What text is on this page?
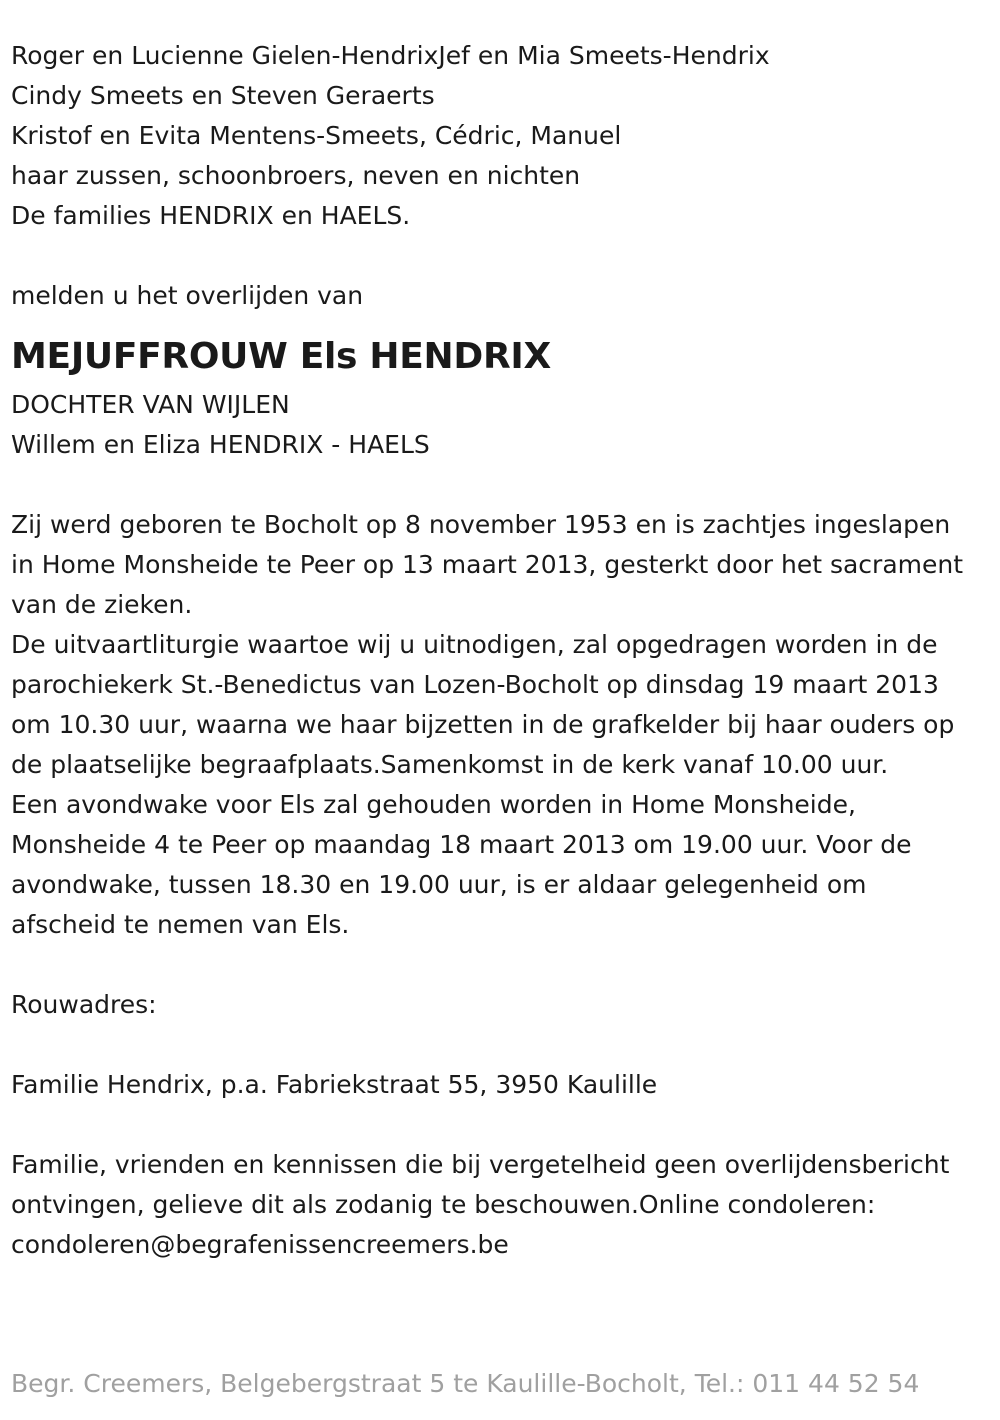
Roger en Lucienne Gielen-HendrixJef en Mia Smeets-Hendrix

Cindy Smeets en Steven Geraerts

Kristof en Evita Mentens-Smeets, Cédric, Manuel

haar zussen, schoonbroers, neven en nichten

De families HENDRIX en HAELS.

melden u het overlijden van

MEJUFFROUW Els HENDRIX

DOCHTER VAN WIJLEN

Willem en Eliza HENDRIX - HAELS

Zij werd geboren te Bocholt op 8 november 1953 en is zachtjes ingeslapen in Home Monsheide te Peer op 13 maart 2013, gesterkt door het sacrament van de zieken.

De uitvaartliturgie waartoe wij u uitnodigen, zal opgedragen worden in de parochiekerk St.-Benedictus van Lozen-Bocholt op dinsdag 19 maart 2013 om 10.30 uur, waarna we haar bijzetten in de grafkelder bij haar ouders op de plaatselijke begraafplaats.Samenkomst in de kerk vanaf 10.00 uur.

Een avondwake voor Els zal gehouden worden in Home Monsheide, Monsheide 4 te Peer op maandag 18 maart 2013 om 19.00 uur. Voor de avondwake, tussen 18.30 en 19.00 uur, is er aldaar gelegenheid om afscheid te nemen van Els.

Rouwadres:

Familie Hendrix, p.a. Fabriekstraat 55, 3950 Kaulille

Familie, vrienden en kennissen die bij vergetelheid geen overlijdensbericht ontvingen, gelieve dit als zodanig te beschouwen.Online condoleren: condoleren@begrafenissencreemers.be

Begr. Creemers, Belgebergstraat 5 te Kaulille-Bocholt, Tel.: 011 44 52 54
